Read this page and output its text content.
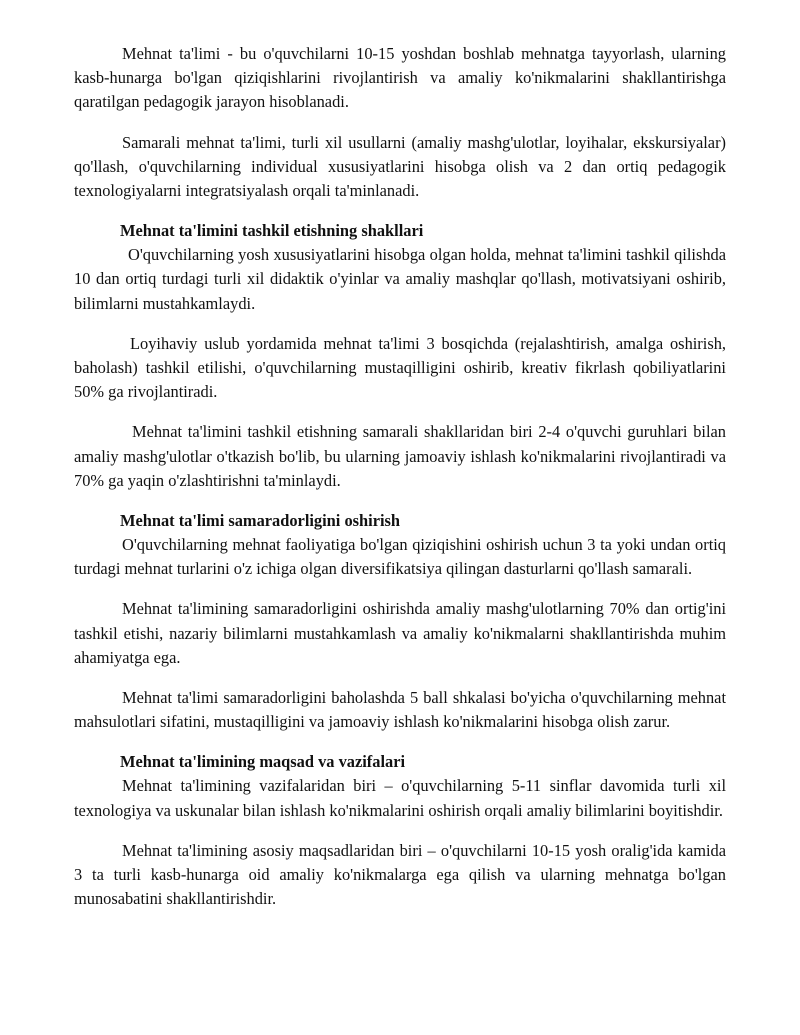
Mehnat ta'limi - bu o'quvchilarni 10-15 yoshdan boshlab mehnatga tayyorlash, ularning kasb-hunarga bo'lgan qiziqishlarini rivojlantirish va amaliy ko'nikmalarini shakllantirishga qaratilgan pedagogik jarayon hisoblanadi.

Samarali mehnat ta'limi, turli xil usullarni (amaliy mashg'ulotlar, loyihalar, ekskursiyalar) qo'llash, o'quvchilarning individual xususiyatlarini hisobga olish va 2 dan ortiq pedagogik texnologiyalarni integratsiyalash orqali ta'minlanadi.

Mehnat ta'limini tashkil etishning shakllari

O'quvchilarning yosh xususiyatlarini hisobga olgan holda, mehnat ta'limini tashkil qilishda 10 dan ortiq turdagi turli xil didaktik o'yinlar va amaliy mashqlar qo'llash, motivatsiyani oshirib, bilimlarni mustahkamlaydi.

Loyihaviy uslub yordamida mehnat ta'limi 3 bosqichda (rejalashtirish, amalga oshirish, baholash) tashkil etilishi, o'quvchilarning mustaqilligini oshirib, kreativ fikrlash qobiliyatlarini 50% ga rivojlantiradi.

Mehnat ta'limini tashkil etishning samarali shakllaridan biri 2-4 o'quvchi guruhlari bilan amaliy mashg'ulotlar o'tkazish bo'lib, bu ularning jamoaviy ishlash ko'nikmalarini rivojlantiradi va 70% ga yaqin o'zlashtirishni ta'minlaydi.

Mehnat ta'limi samaradorligini oshirish

O'quvchilarning mehnat faoliyatiga bo'lgan qiziqishini oshirish uchun 3 ta yoki undan ortiq turdagi mehnat turlarini o'z ichiga olgan diversifikatsiya qilingan dasturlarni qo'llash samarali.

Mehnat ta'limining samaradorligini oshirishda amaliy mashg'ulotlarning 70% dan ortig'ini tashkil etishi, nazariy bilimlarni mustahkamlash va amaliy ko'nikmalarni shakllantirishda muhim ahamiyatga ega.

Mehnat ta'limi samaradorligini baholashda 5 ball shkalasi bo'yicha o'quvchilarning mehnat mahsulotlari sifatini, mustaqilligini va jamoaviy ishlash ko'nikmalarini hisobga olish zarur.

Mehnat ta'limining maqsad va vazifalari

Mehnat ta'limining vazifalaridan biri – o'quvchilarning 5-11 sinflar davomida turli xil texnologiya va uskunalar bilan ishlash ko'nikmalarini oshirish orqali amaliy bilimlarini boyitishdir.

Mehnat ta'limining asosiy maqsadlaridan biri – o'quvchilarni 10-15 yosh oralig'ida kamida 3 ta turli kasb-hunarga oid amaliy ko'nikmalarga ega qilish va ularning mehnatga bo'lgan munosabatini shakllantirishdir.
